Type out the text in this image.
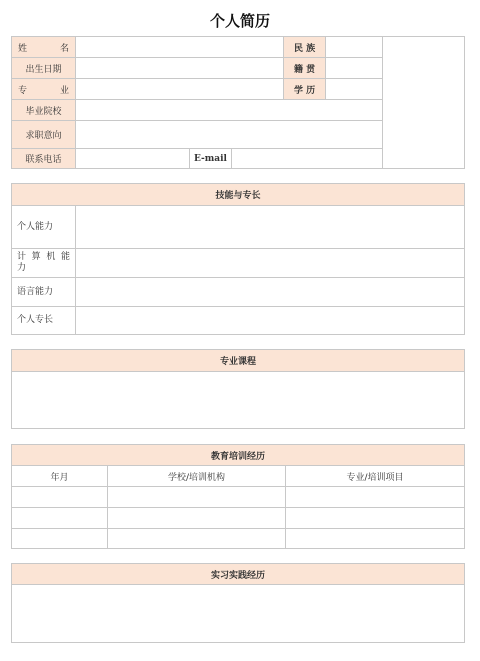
个人简历
姓 名				民 族		
出生日期				籍 贯		
专 业				学 历		
毕业院校						
求职意向						
联系电话		E-mail				
技能与专长	
个人能力	
计 算 机 能 力	
语言能力	
个人专长	
专业课程

教育培训经历		
年月	学校/培训机构	专业/培训项目

实习实践经历
